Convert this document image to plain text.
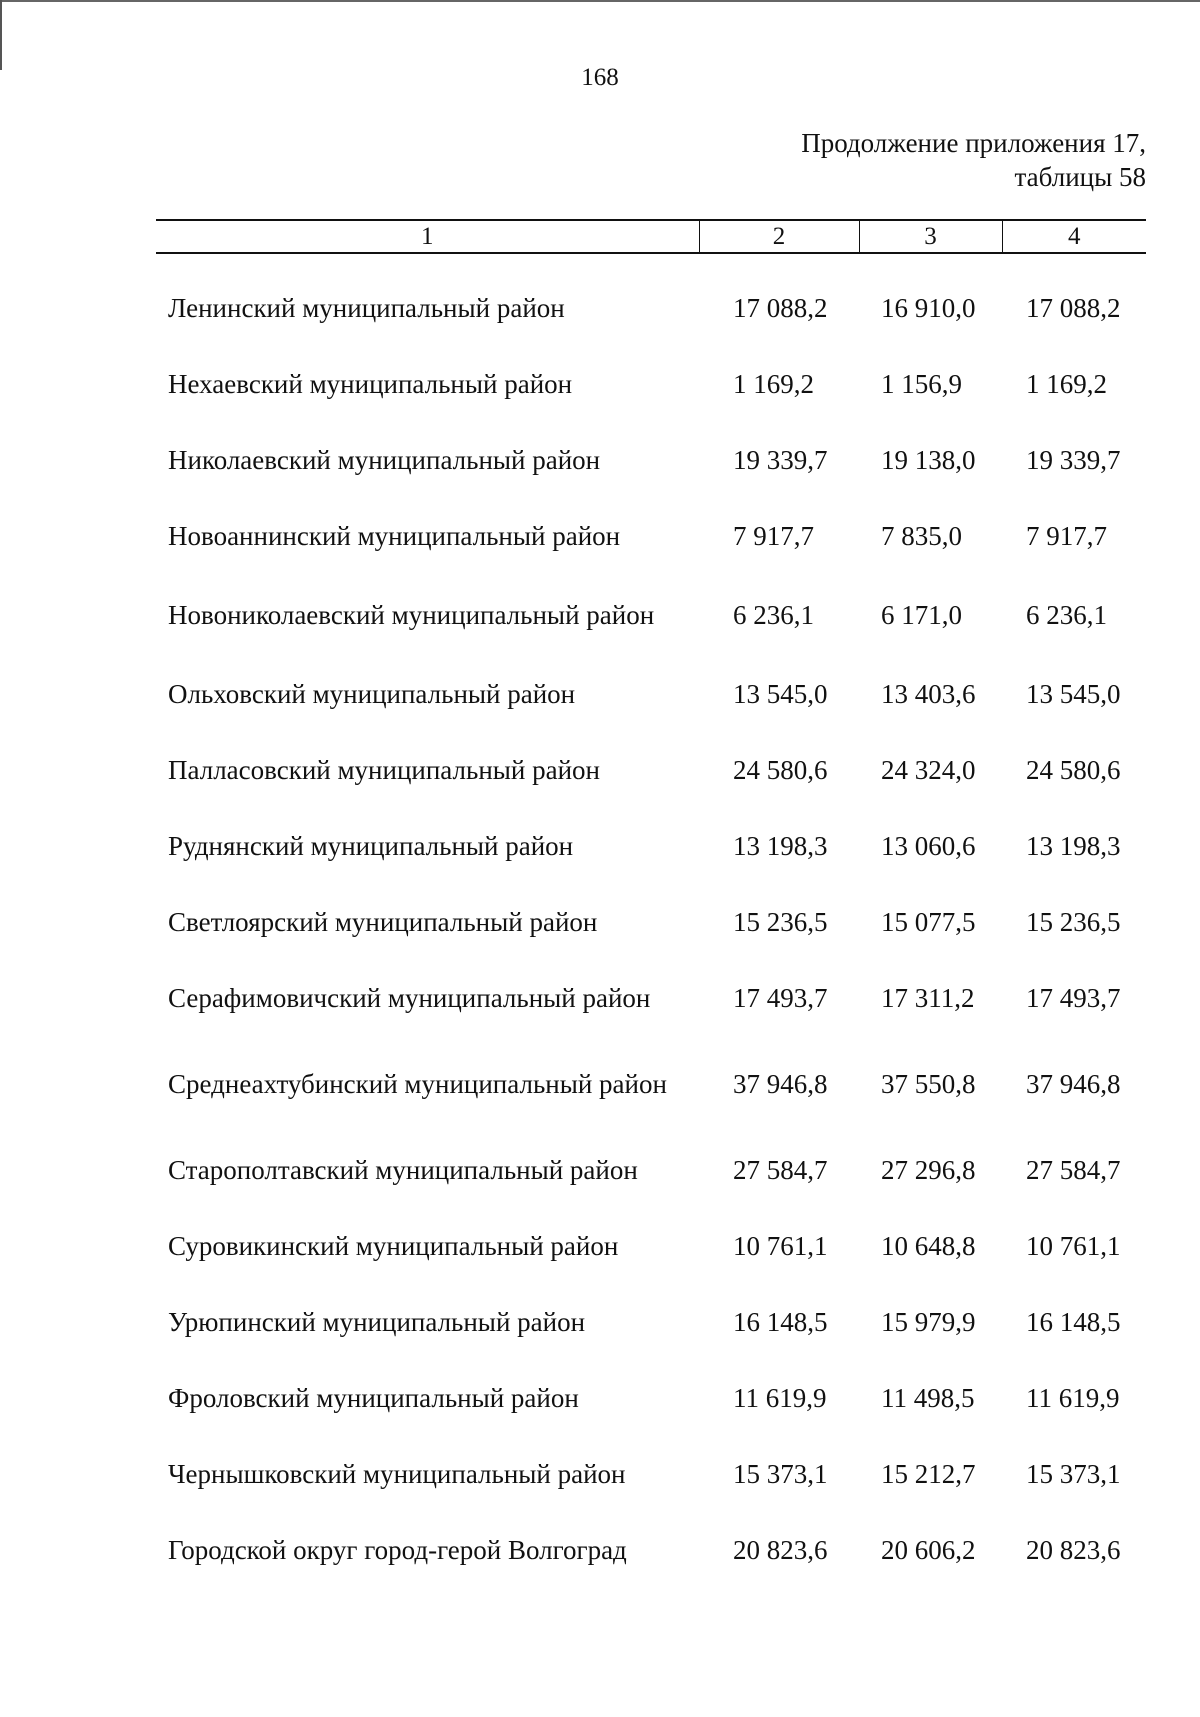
168
Продолжение приложения 17,
таблицы 58
1	2	3	4
Ленинский муниципальный район	17 088,2	16 910,0	17 088,2
Нехаевский муниципальный район	1 169,2	1 156,9	1 169,2
Николаевский муниципальный район	19 339,7	19 138,0	19 339,7
Новоаннинский муниципальный район	7 917,7	7 835,0	7 917,7
Новониколаевский муниципальный район	6 236,1	6 171,0	6 236,1
Ольховский муниципальный район	13 545,0	13 403,6	13 545,0
Палласовский муниципальный район	24 580,6	24 324,0	24 580,6
Руднянский муниципальный район	13 198,3	13 060,6	13 198,3
Светлоярский муниципальный район	15 236,5	15 077,5	15 236,5
Серафимовичский муниципальный район	17 493,7	17 311,2	17 493,7
Среднеахтубинский муниципальный район	37 946,8	37 550,8	37 946,8
Старополтавский муниципальный район	27 584,7	27 296,8	27 584,7
Суровикинский муниципальный район	10 761,1	10 648,8	10 761,1
Урюпинский муниципальный район	16 148,5	15 979,9	16 148,5
Фроловский муниципальный район	11 619,9	11 498,5	11 619,9
Чернышковский муниципальный район	15 373,1	15 212,7	15 373,1
Городской округ город-герой Волгоград	20 823,6	20 606,2	20 823,6
